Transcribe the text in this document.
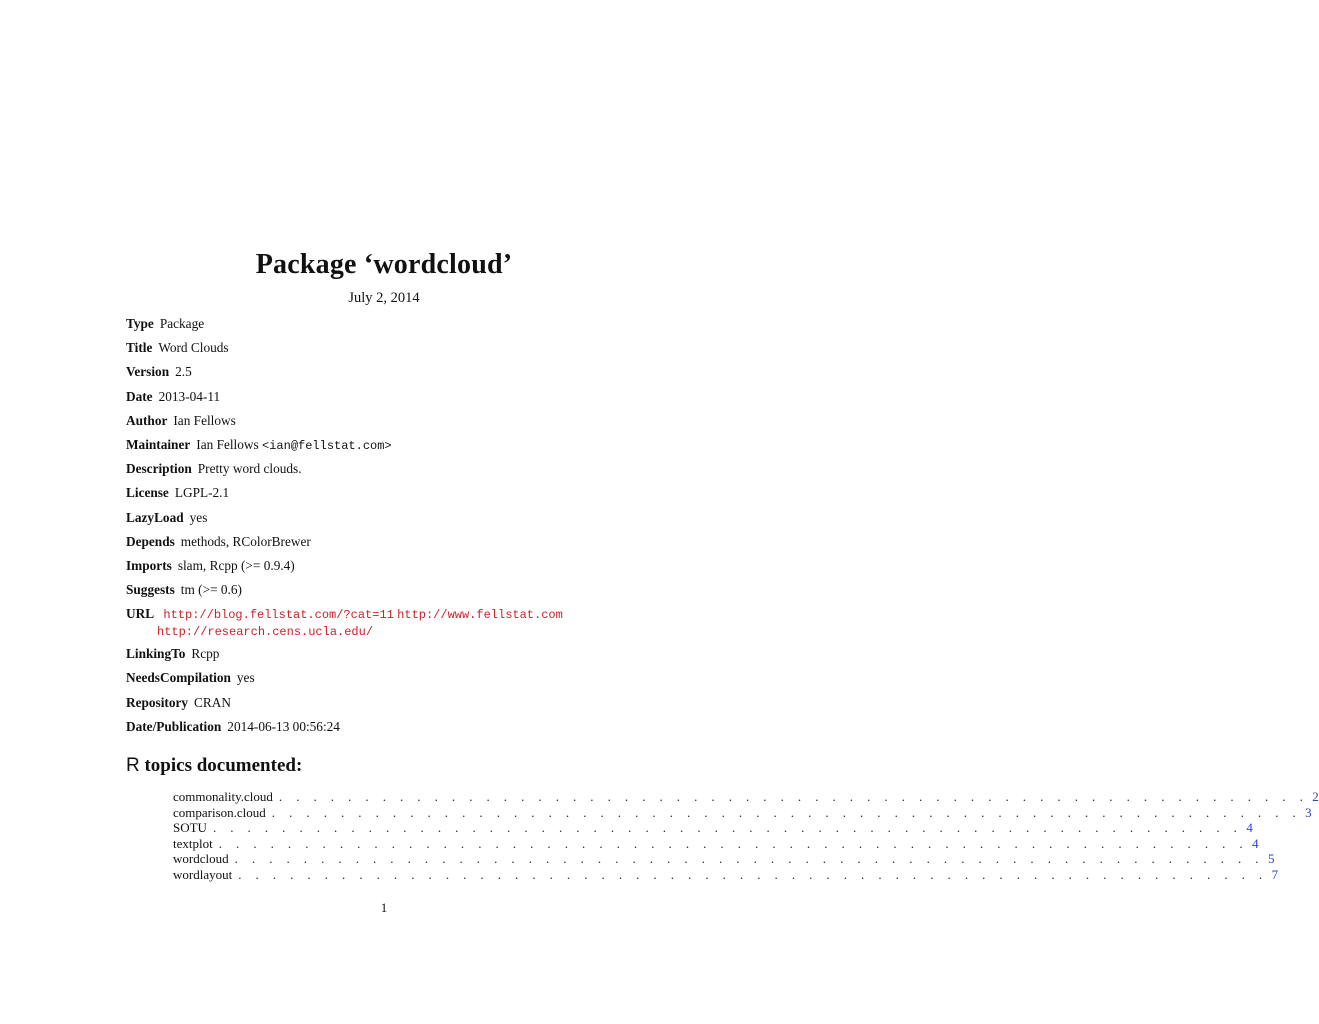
Package ‘wordcloud’
July 2, 2014
Type Package
Title Word Clouds
Version 2.5
Date 2013-04-11
Author Ian Fellows
Maintainer Ian Fellows <ian@fellstat.com>
Description Pretty word clouds.
License LGPL-2.1
LazyLoad yes
Depends methods, RColorBrewer
Imports slam, Rcpp (>= 0.9.4)
Suggests tm (>= 0.6)
URL http://blog.fellstat.com/?cat=11 http://www.fellstat.com
http://research.cens.ucla.edu/
LinkingTo Rcpp
NeedsCompilation yes
Repository CRAN
Date/Publication 2014-06-13 00:56:24
R topics documented:
commonality.cloud . . . . . . . . . . . . . . . . . . . . . . . . . . . . . . . . . . . . . . . . . . . . . . . . . . . . . . . . . . . . 2
comparison.cloud . . . . . . . . . . . . . . . . . . . . . . . . . . . . . . . . . . . . . . . . . . . . . . . . . . . . . . . . . . . . 3
SOTU . . . . . . . . . . . . . . . . . . . . . . . . . . . . . . . . . . . . . . . . . . . . . . . . . . . . . . . . . . . . 4
textplot . . . . . . . . . . . . . . . . . . . . . . . . . . . . . . . . . . . . . . . . . . . . . . . . . . . . . . . . . . . . 4
wordcloud . . . . . . . . . . . . . . . . . . . . . . . . . . . . . . . . . . . . . . . . . . . . . . . . . . . . . . . . . . . . 5
wordlayout . . . . . . . . . . . . . . . . . . . . . . . . . . . . . . . . . . . . . . . . . . . . . . . . . . . . . . . . . . . . 7
1
